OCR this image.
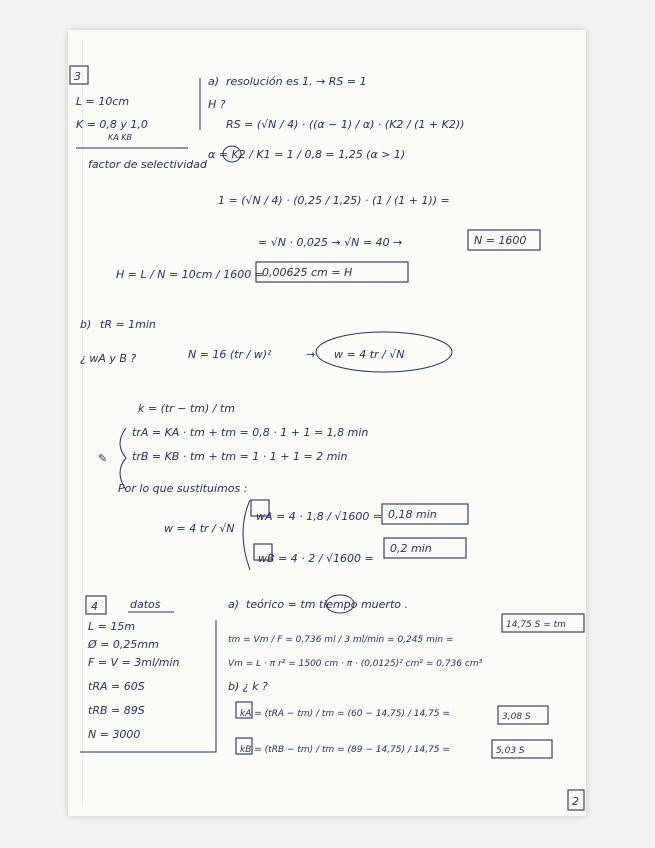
3
L = 10cm
K = 0,8 y 1,0
KA KB
a) resolución es 1. → RS = 1
H ?
RS = (√N / 4) · ((α − 1) / α) · (K2 / (1 + K2))
factor de selectividad
α = K2 / K1 = 1 / 0,8 = 1,25 (α > 1)
1 = (√N / 4) · (0,25 / 1,25) · (1 / (1 + 1)) =
= √N · 0,025 → √N = 40 →	N = 1600
H = L / N = 10cm / 1600 =
0,00625 cm = H
b) tR = 1min
¿ wA y B ?	N = 16 (tr / w)²	→ w = 4 tr / √N
k = (tr − tm) / tm
✎
trA = KA · tm + tm = 0,8 · 1 + 1 = 1,8 min
trB = KB · tm + tm = 1 · 1 + 1 = 2 min
Por lo que sustituimos :
w = 4 tr / √N
wA = 4 · 1,8 / √1600 = 0,18 min
wB = 4 · 2 / √1600 =
0,2 min
4	datos
L = 15m
Ø = 0,25mm
F = V = 3ml/min
tRA = 60S
tRB = 89S
N = 3000
a) teórico = tm tiempo muerto .
tm = Vm / F = 0,736 ml / 3 ml/min = 0,245 min =
14,75 S = tm
Vm = L · π r² = 1500 cm · π · (0,0125)² cm² = 0,736 cm³
b) ¿ k ?
kA = (tRA − tm) / tm = (60 − 14,75) / 14,75 =	3,08 S
kB = (tRB − tm) / tm = (89 − 14,75) / 14,75 =	5,03 S
2
